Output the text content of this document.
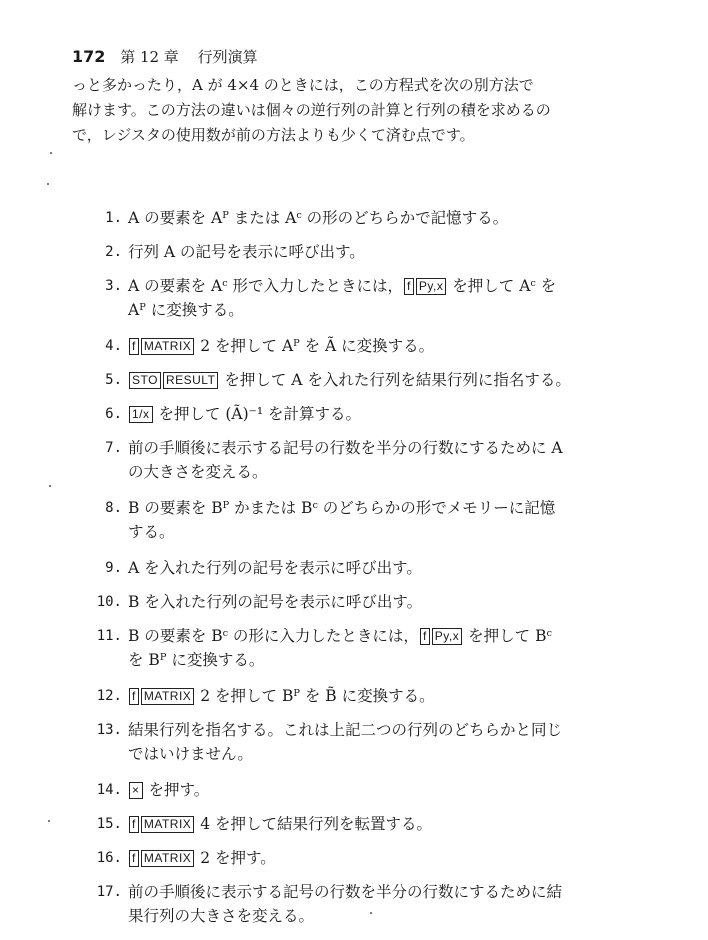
172 第 12 章 行列演算

っと多かったり，A が 4×4 のときには，この方程式を次の別方法で

解けます。この方法の違いは個々の逆行列の計算と行列の積を求めるの

で，レジスタの使用数が前の方法よりも少くて済む点です。

1. A の要素を Aᴾ または Aᶜ の形のどちらかで記憶する。
2. 行列 A の記号を表示に呼び出す。
3. A の要素を Aᶜ 形で入力したときには， f Py,x を押して Aᶜ を
Aᴾ に変換する。
4. f MATRIX 2 を押して Aᴾ を Ã に変換する。
5. STO RESULT を押して A を入れた行列を結果行列に指名する。
6. 1/x を押して (Ã)⁻¹ を計算する。
7. 前の手順後に表示する記号の行数を半分の行数にするために A
の大きさを変える。
8. B の要素を Bᴾ かまたは Bᶜ のどちらかの形でメモリーに記憶
する。
9. A を入れた行列の記号を表示に呼び出す。
10. B を入れた行列の記号を表示に呼び出す。
11. B の要素を Bᶜ の形に入力したときには， f Py,x を押して Bᶜ
を Bᴾ に変換する。
12. f MATRIX 2 を押して Bᴾ を B̃ に変換する。
13. 結果行列を指名する。これは上記二つの行列のどちらかと同じ
ではいけません。
14. × を押す。
15. f MATRIX 4 を押して結果行列を転置する。
16. f MATRIX 2 を押す。
17. 前の手順後に表示する記号の行数を半分の行数にするために結
果行列の大きさを変える。
